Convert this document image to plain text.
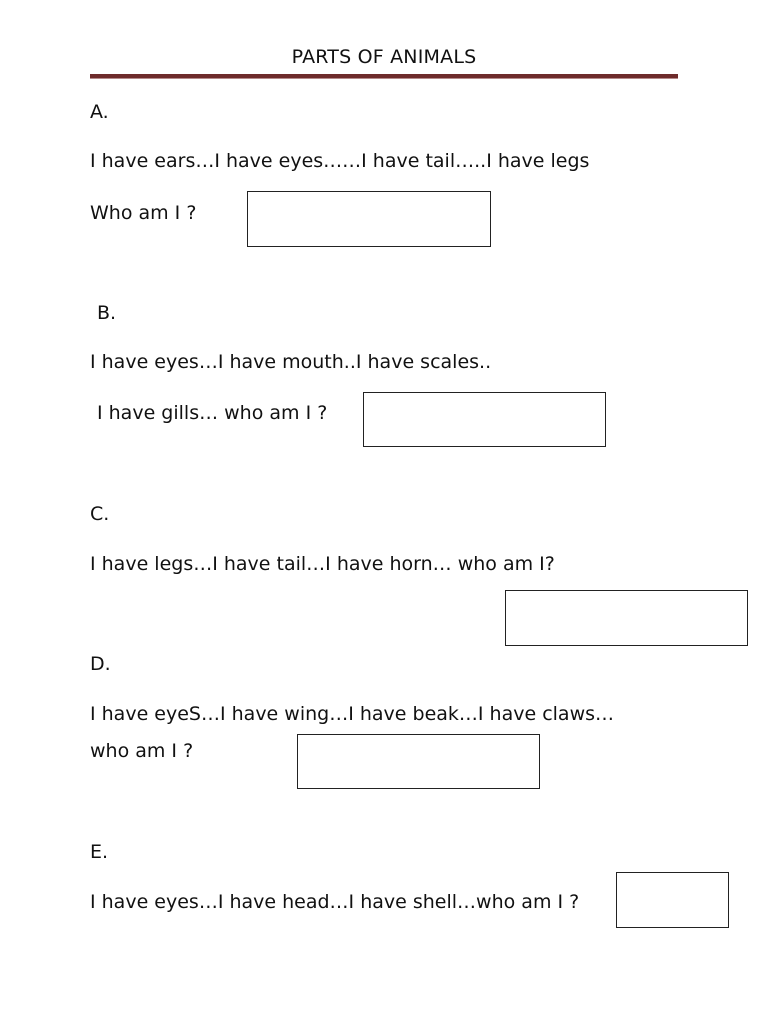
PARTS OF ANIMALS
A.
I have ears…I have eyes……I have tail…..I have legs
Who am I ?
B.
I have eyes…I have mouth..I have scales..
I have gills… who am I ?
C.
I have legs…I have tail…I have horn… who am I?
D.
I have eyeS…I have wing…I have beak…I have claws…
who am I ?
E.
I have eyes…I have head…I have shell…who am I ?
